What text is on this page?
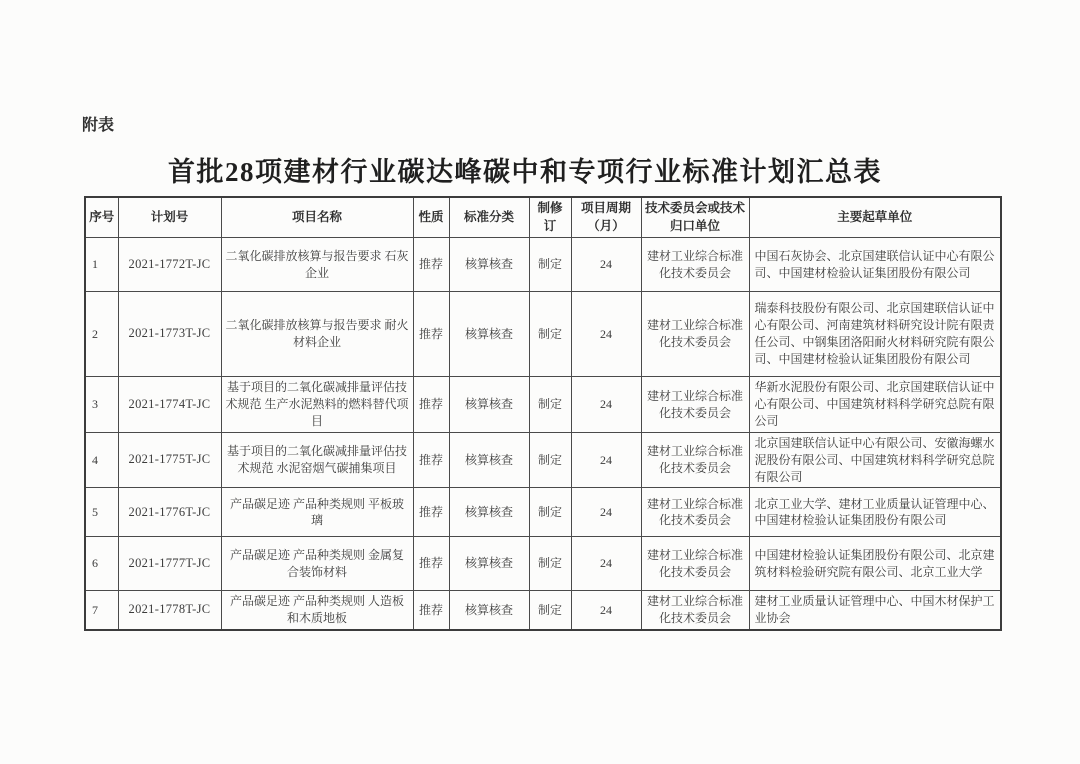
附表
首批28项建材行业碳达峰碳中和专项行业标准计划汇总表
序号	计划号	项目名称	性质	标准分类	制修订	项目周期（月）	技术委员会或技术归口单位	主要起草单位
1	2021-1772T-JC	二氧化碳排放核算与报告要求 石灰企业	推荐	核算核查	制定	24	建材工业综合标准化技术委员会	中国石灰协会、北京国建联信认证中心有限公司、中国建材检验认证集团股份有限公司
2	2021-1773T-JC	二氧化碳排放核算与报告要求 耐火材料企业	推荐	核算核查	制定	24	建材工业综合标准化技术委员会	瑞泰科技股份有限公司、北京国建联信认证中心有限公司、河南建筑材料研究设计院有限责任公司、中钢集团洛阳耐火材料研究院有限公司、中国建材检验认证集团股份有限公司
3	2021-1774T-JC	基于项目的二氧化碳减排量评估技术规范 生产水泥熟料的燃料替代项目	推荐	核算核查	制定	24	建材工业综合标准化技术委员会	华新水泥股份有限公司、北京国建联信认证中心有限公司、中国建筑材料科学研究总院有限公司
4	2021-1775T-JC	基于项目的二氧化碳减排量评估技术规范 水泥窑烟气碳捕集项目	推荐	核算核查	制定	24	建材工业综合标准化技术委员会	北京国建联信认证中心有限公司、安徽海螺水泥股份有限公司、中国建筑材料科学研究总院有限公司
5	2021-1776T-JC	产品碳足迹 产品种类规则 平板玻璃	推荐	核算核查	制定	24	建材工业综合标准化技术委员会	北京工业大学、建材工业质量认证管理中心、中国建材检验认证集团股份有限公司
6	2021-1777T-JC	产品碳足迹 产品种类规则 金属复合装饰材料	推荐	核算核查	制定	24	建材工业综合标准化技术委员会	中国建材检验认证集团股份有限公司、北京建筑材料检验研究院有限公司、北京工业大学
7	2021-1778T-JC	产品碳足迹 产品种类规则 人造板和木质地板	推荐	核算核查	制定	24	建材工业综合标准化技术委员会	建材工业质量认证管理中心、中国木材保护工业协会
